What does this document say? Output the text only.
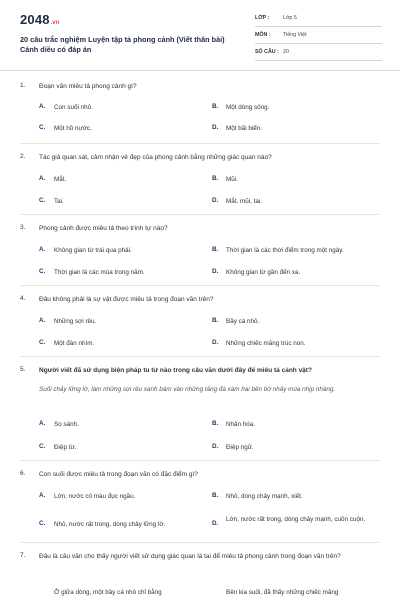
2048 .vn
20 câu trắc nghiệm Luyện tập tả phong cảnh (Viết thân bài) Cánh diều có đáp án
LỚP :	Lớp 5
MÔN : Tiếng Việt
SỐ CÂU : 20
1. Đoạn văn miêu tả phong cảnh gì?
A. Con suối nhỏ.	B. Một dòng sông.
C. Một hồ nước.	D. Một bãi biển.
2. Tác giả quan sát, cảm nhận vẻ đẹp của phong cảnh bằng những giác quan nào?
A. Mắt.	B. Mũi.
C. Tai.	D. Mắt, mũi, tai.
3. Phong cảnh được miêu tả theo trình tự nào?
A. Không gian từ trái qua phải.	B. Thời gian là các thời điểm trong một ngày.
C. Thời gian là các mùa trong năm.	D. Không gian từ gần đến xa.
4. Đâu không phải là sự vật được miêu tả trong đoạn văn trên?
A. Những sợi rêu.	B. Bầy cá nhỏ.
C. Một đàn nhím.	D. Những chiếc măng trúc non.
5. Người viết đã sử dụng biện pháp tu từ nào trong câu văn dưới đây để miêu tả cảnh vật?
Suối chảy lững lờ, làm những sợi rêu xanh bám vào những tảng đá xám hai bên bờ nhảy múa nhịp nhàng.
A. So sánh.	B. Nhân hóa.
C. Điệp từ.	D. Điệp ngữ.
6. Con suối được miêu tả trong đoạn văn có đặc điểm gì?
A. Lớn, nước có màu đục ngầu.	B. Nhỏ, dòng chảy mạnh, xiết.
C. Nhỏ, nước rất trong, dòng chảy lững lờ.	D.
Lớn, nước rất trong, dòng chảy mạnh, cuồn cuộn.
7. Đâu là câu văn cho thấy người viết sử dụng giác quan là tai để miêu tả phong cảnh trong đoạn văn trên?
Ở giữa dòng, một bầy cá nhỏ chỉ bằng	Bên kia suối, đã thấy những chiếc măng
